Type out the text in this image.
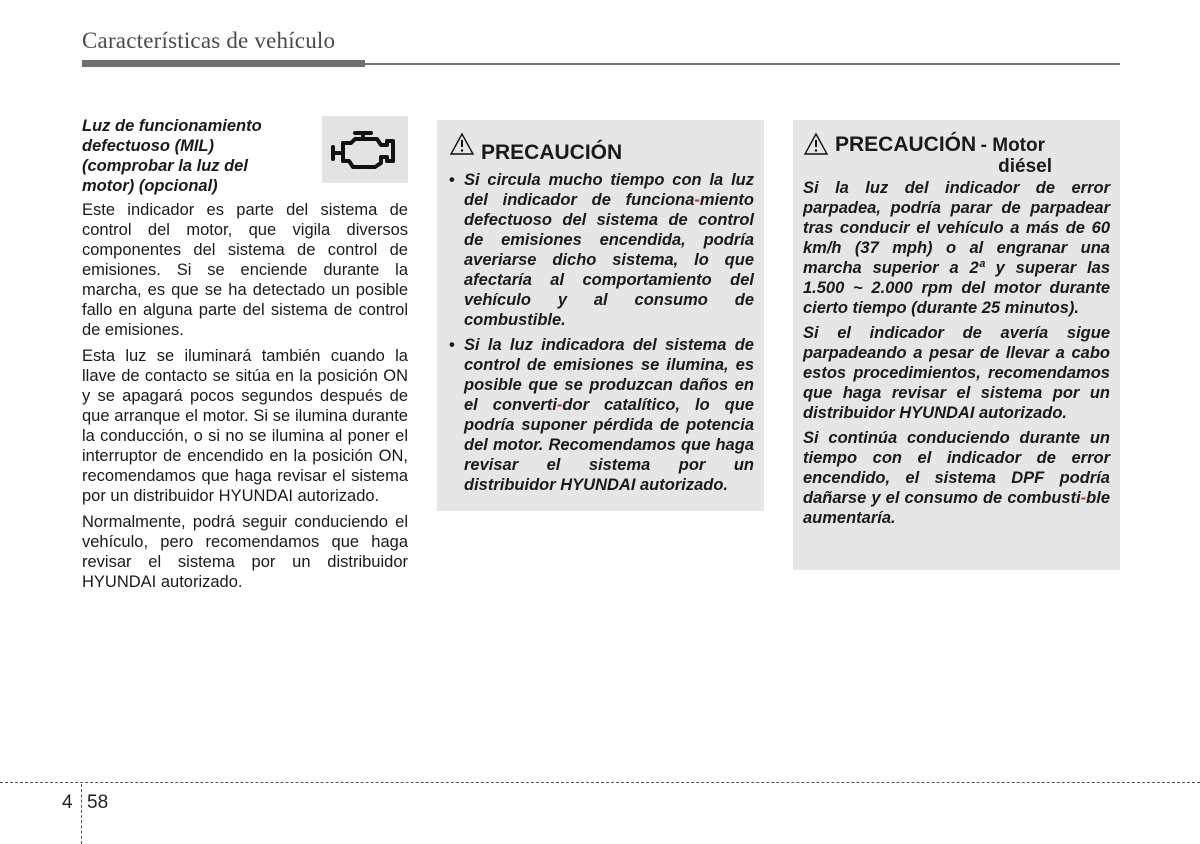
Características de vehículo

Luz de funcionamiento defectuoso (MIL) (comprobar la luz del motor) (opcional)

Este indicador es parte del sistema de control del motor, que vigila diversos componentes del sistema de control de emisiones. Si se enciende durante la marcha, es que se ha detectado un posible fallo en alguna parte del sistema de control de emisiones.

Esta luz se iluminará también cuando la llave de contacto se sitúa en la posición ON y se apagará pocos segundos después de que arranque el motor. Si se ilumina durante la conducción, o si no se ilumina al poner el interruptor de encendido en la posición ON, recomendamos que haga revisar el sistema por un distribuidor HYUNDAI autorizado.

Normalmente, podrá seguir conduciendo el vehículo, pero recomendamos que haga revisar el sistema por un distribuidor HYUNDAI autorizado.

PRECAUCIÓN
• Si circula mucho tiempo con la luz del indicador de funciona-miento defectuoso del sistema de control de emisiones encendida, podría averiarse dicho sistema, lo que afectaría al comportamiento del vehículo y al consumo de combustible.
• Si la luz indicadora del sistema de control de emisiones se ilumina, es posible que se produzcan daños en el converti-dor catalítico, lo que podría suponer pérdida de potencia del motor. Recomendamos que haga revisar el sistema por un distribuidor HYUNDAI autorizado.
PRECAUCIÓN - Motor
diésel

Si la luz del indicador de error parpadea, podría parar de parpadear tras conducir el vehículo a más de 60 km/h (37 mph) o al engranar una marcha superior a 2ª y superar las 1.500 ~ 2.000 rpm del motor durante cierto tiempo (durante 25 minutos).

Si el indicador de avería sigue parpadeando a pesar de llevar a cabo estos procedimientos, recomendamos que haga revisar el sistema por un distribuidor HYUNDAI autorizado.

Si continúa conduciendo durante un tiempo con el indicador de error encendido, el sistema DPF podría dañarse y el consumo de combusti-ble aumentaría.

4 58
